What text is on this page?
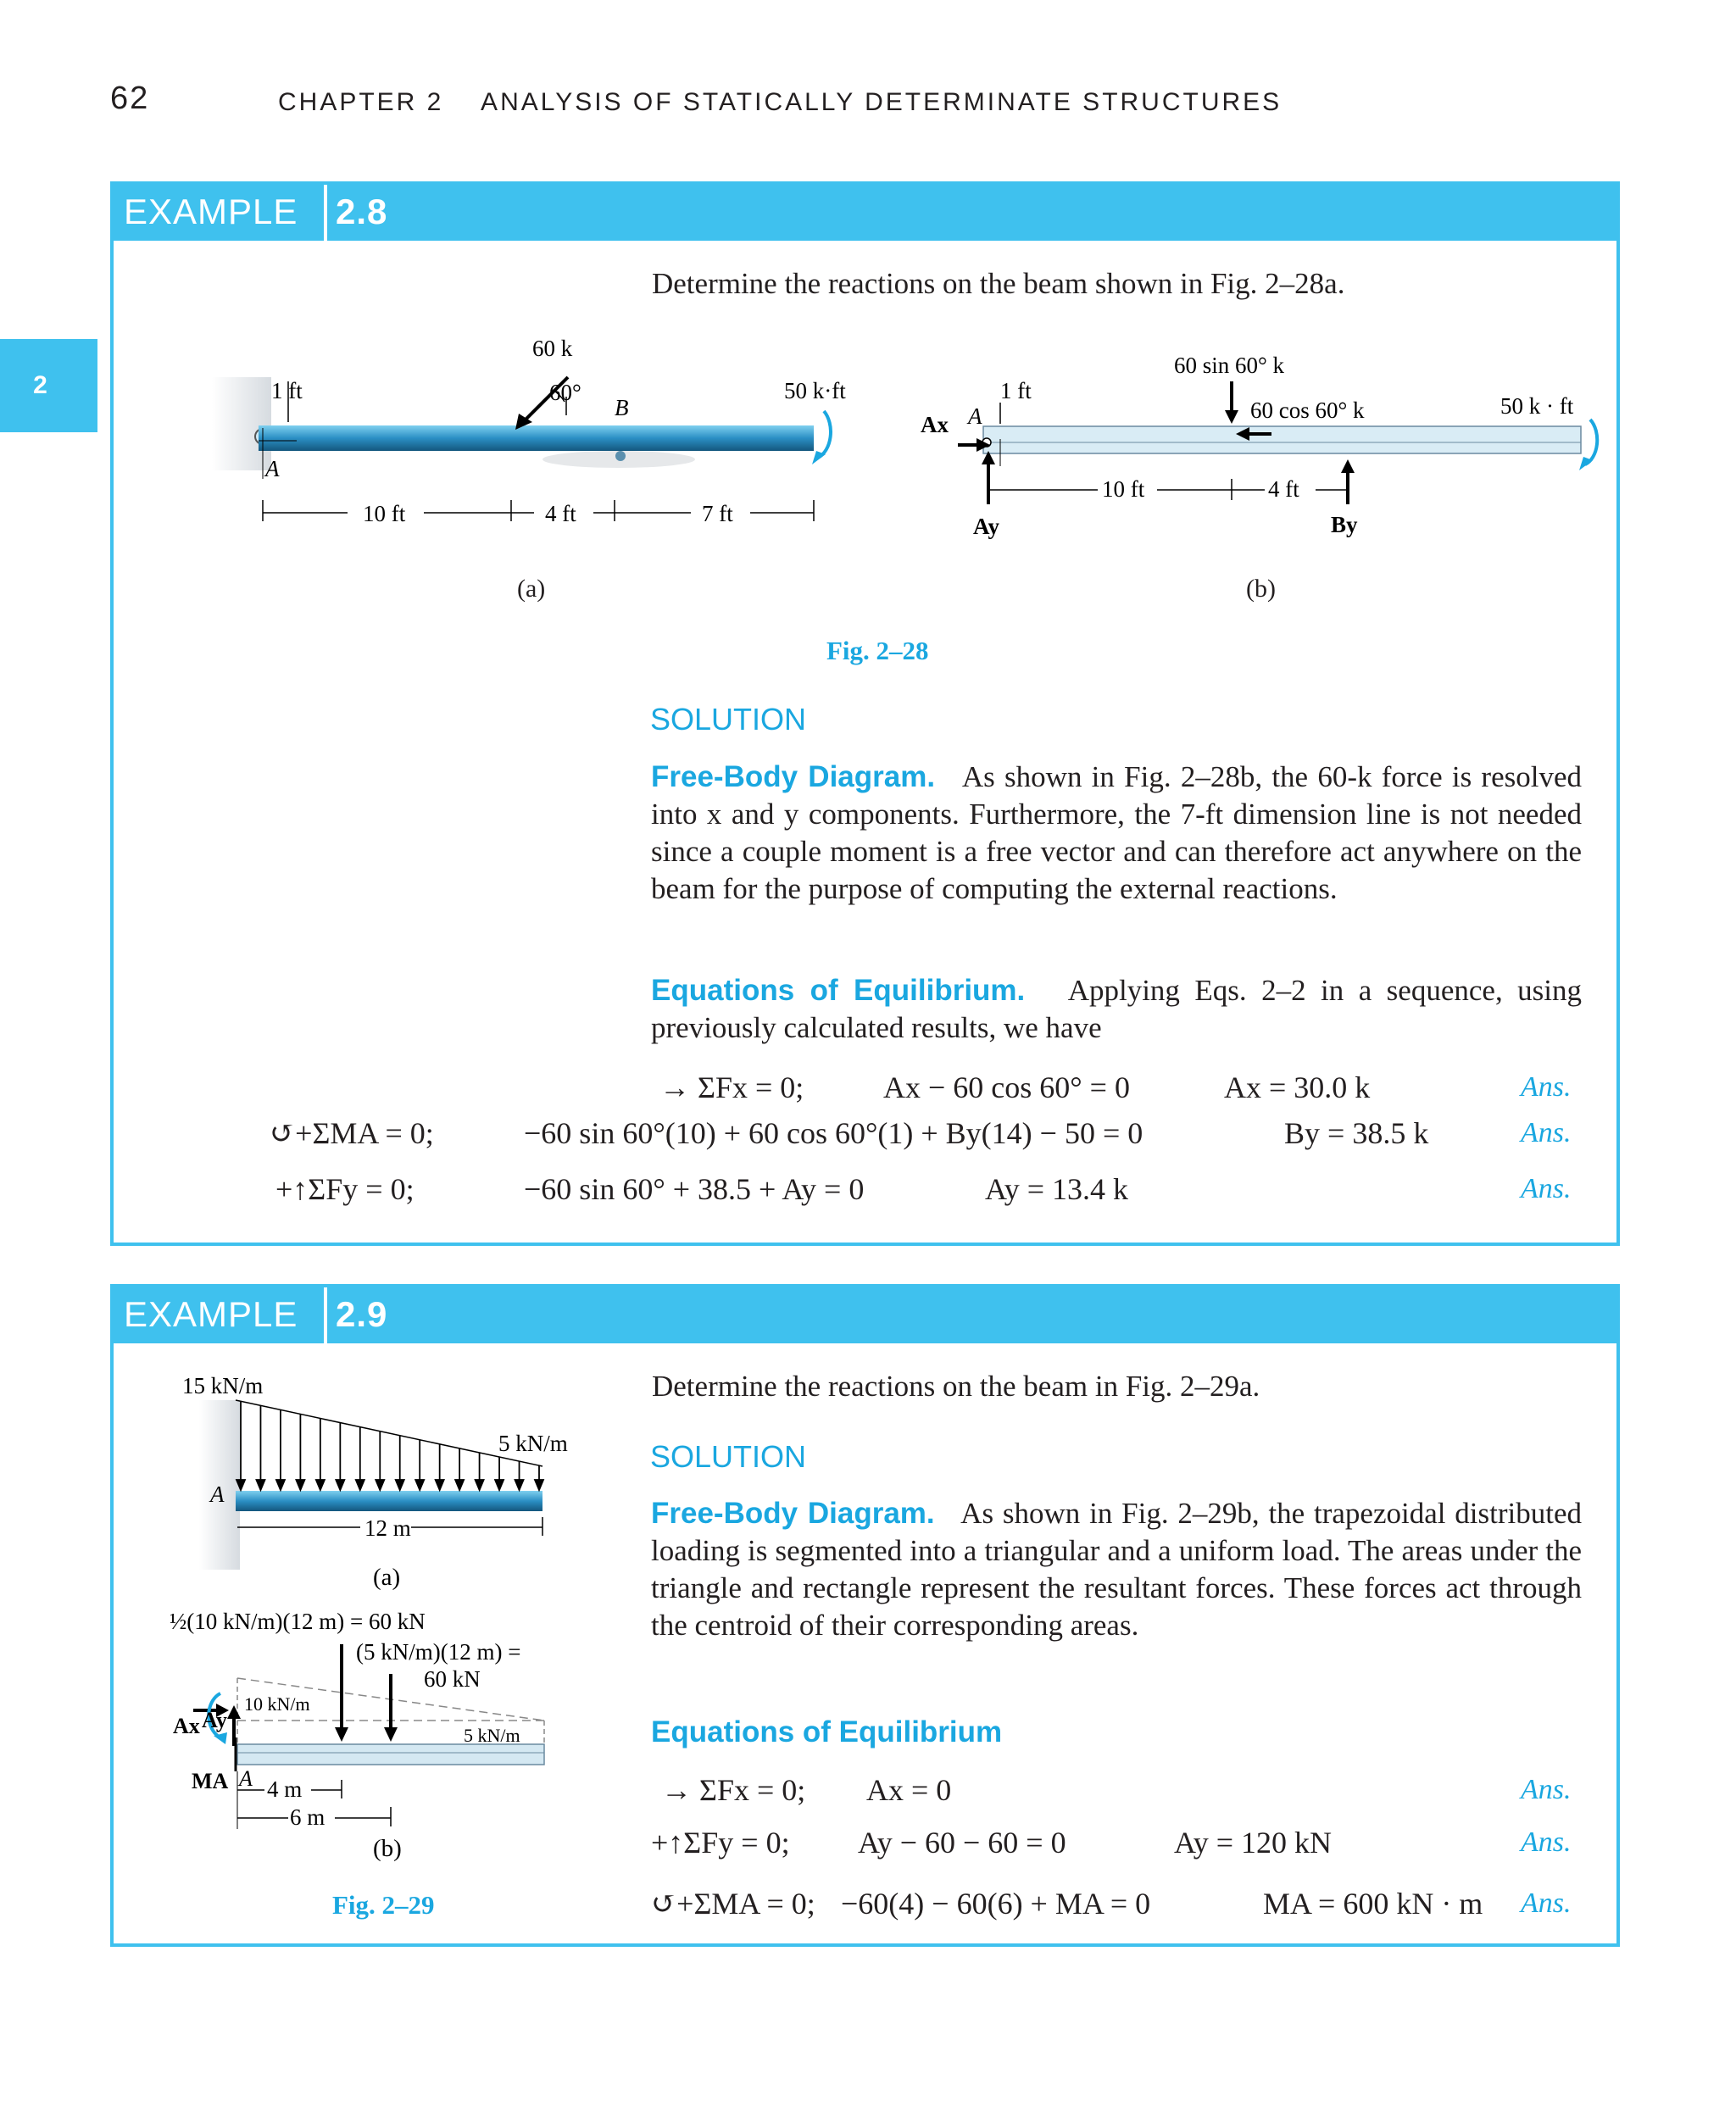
62	CHAPTER 2    ANALYSIS OF STATICALLY DETERMINATE STRUCTURES
2
EXAMPLE 2.8
Determine the reactions on the beam shown in Fig. 2–28a.
60 k
60°
B
50 k·ft
1 ft
A
10 ft	4 ft	7 ft
(a)
60 sin 60° k
60 cos 60° k	50 k · ft
1 ft
Ax A
Ay	By
10 ft	4 ft
(b)
Fig. 2–28
SOLUTION
Free-Body Diagram. As shown in Fig. 2–28b, the 60-k force is resolved into x and y components. Furthermore, the 7-ft dimension line is not needed since a couple moment is a free vector and can therefore act anywhere on the beam for the purpose of computing the external reactions.
Equations of Equilibrium. Applying Eqs. 2–2 in a sequence, using previously calculated results, we have
→ ΣFx = 0;	Ax − 60 cos 60° = 0	Ax = 30.0 k	Ans.
↺+ΣMA = 0;	−60 sin 60°(10) + 60 cos 60°(1) + By(14) − 50 = 0	By = 38.5 k	Ans.
+↑ΣFy = 0;	−60 sin 60° + 38.5 + Ay = 0	Ay = 13.4 k	Ans.
EXAMPLE 2.9
Determine the reactions on the beam in Fig. 2–29a.
15 kN/m
5 kN/m
A
12 m
(a)
½(10 kN/m)(12 m) = 60 kN
(5 kN/m)(12 m) =
60 kN
10 kN/m
5 kN/m
Ax Ay
MA A 4 m
6 m
(b)
Fig. 2–29
SOLUTION
Free-Body Diagram. As shown in Fig. 2–29b, the trapezoidal distributed loading is segmented into a triangular and a uniform load. The areas under the triangle and rectangle represent the resultant forces. These forces act through the centroid of their corresponding areas.
Equations of Equilibrium
→ ΣFx = 0; Ax = 0	Ans.
+↑ΣFy = 0; Ay − 60 − 60 = 0	Ay = 120 kN	Ans.
↺+ΣMA = 0; −60(4) − 60(6) + MA = 0	MA = 600 kN · m Ans.
